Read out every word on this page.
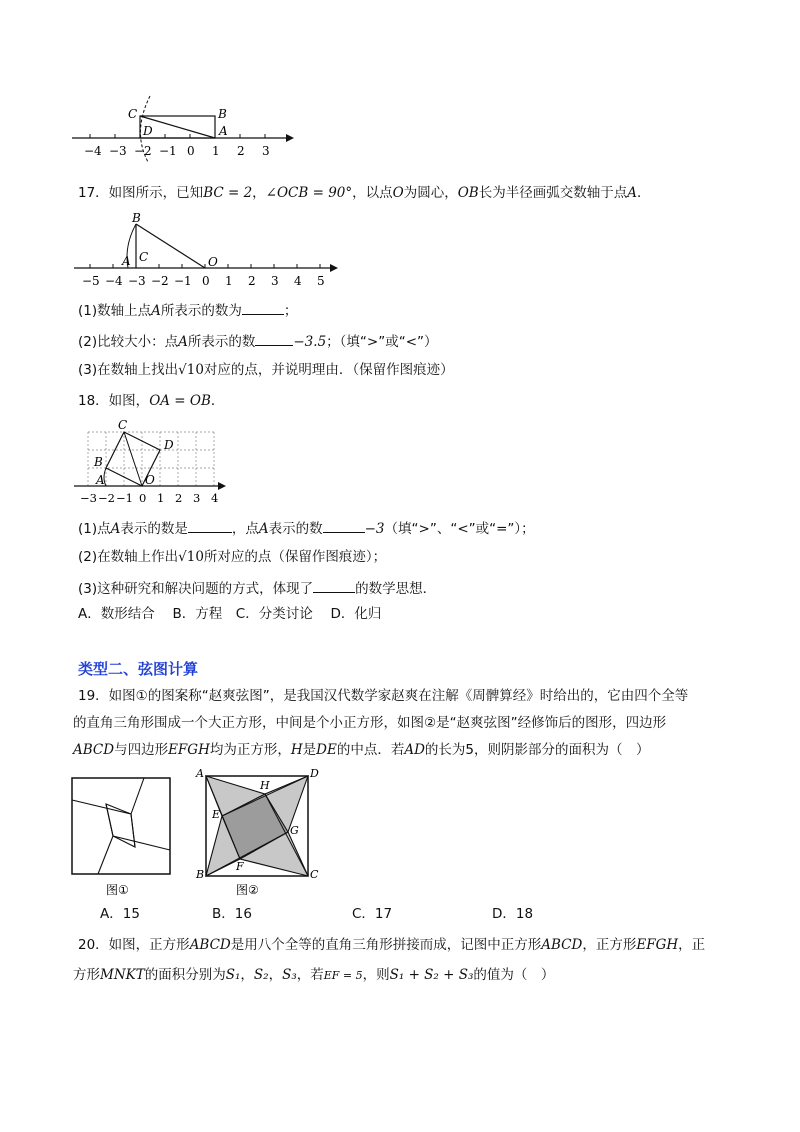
−4 −3 −2 −1 0 1 2 3
C	B
D	A
17．如图所示，已知BC = 2，∠OCB = 90°，以点O为圆心，OB长为半径画弧交数轴于点A．
−5 −4 −3 −2 −1 0 1 2 3 4 5
B
A C	O
(1)数轴上点A所表示的数为	；
(2)比较大小：点A所表示的数	−3.5；（填“>”或“<”）
(3)在数轴上找出√10对应的点，并说明理由．（保留作图痕迹）
18．如图，OA = OB．
−3 −2 −1 0 1 2 3 4
C
D
B
A	O
(1)点A表示的数是	，点A表示的数	−3（填“>”、“<”或“=”）；
(2)在数轴上作出√10所对应的点（保留作图痕迹）；
(3)这种研究和解决问题的方式，体现了	的数学思想．
A．数形结合　 B．方程　C．分类讨论　 D．化归
类型二、弦图计算
19．如图①的图案称“赵爽弦图”，是我国汉代数学家赵爽在注解《周髀算经》时给出的，它由四个全等
的直角三角形围成一个大正方形，中间是个小正方形，如图②是“赵爽弦图”经修饰后的图形，四边形
ABCD与四边形EFGH均为正方形，H是DE的中点．若AD的长为5，则阴影部分的面积为（　）
图①
A	D
H
E
G
F
B	C
图②
A．15	B．16	C．17	D．18
20．如图，正方形ABCD是用八个全等的直角三角形拼接而成，记图中正方形ABCD，正方形EFGH，正
方形MNKT的面积分别为S₁，S₂，S₃，若EF = 5，则S₁ + S₂ + S₃的值为（　）
